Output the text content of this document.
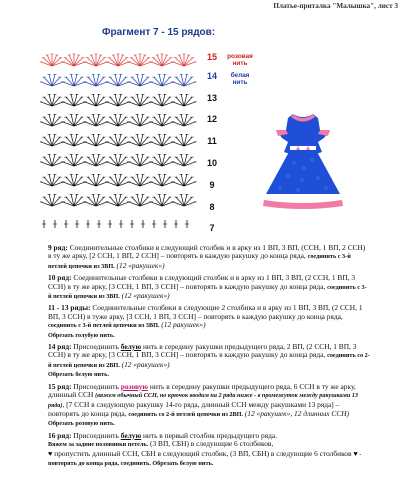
Платье-приталка "Малышка", лист 3
Фрагмент 7 - 15 рядов:
15
14
13
12
11
10
9
8
7
розовая
нить
белая
нить

9 ряд: Соединительные столбики в следующий столбик и в арку из 1 ВП, 3 ВП, (ССН, 1 ВП, 2 ССН) в ту же арку, [2 ССН, 1 ВП, 2 ССН] – повторять в каждую ракушку до конца ряда, соединить с 3-й петлей цепочки из 3ВП. (12 «ракушек»)

10 ряд: Соединительные столбики в следующий столбик и в арку из 1 ВП, 3 ВП, (2 ССН, 1 ВП, 3 ССН) в ту же арку, [3 ССН, 1 ВП, 3 ССН] – повторять в каждую ракушку до конца ряда, соединить с 3-й петлей цепочки из 3ВП. (12 «ракушек»)

11 - 13 ряды: Соединительные столбики в следующие 2 столбика и в арку из 1 ВП, 3 ВП, (2 ССН, 1 ВП, 3 ССН) в туже арку, [3 ССН, 1 ВП, 3 ССН] – повторять в каждую ракушку до конца ряда, соединить с 3-й петлей цепочки из 3ВП. (12 ракушек»)
Обрезать голубую нить.

14 ряд: Присоединить белую нить в середину ракушки предыдущего ряда, 2 ВП, (2 ССН, 1 ВП, 3 ССН) в ту же арку, [3 ССН, 1 ВП, 3 ССН] – повторять в каждую ракушку до конца ряда, соединить со 2-й петлей цепочки из 2ВП. (12 «ракушек»)
Обрезать белую нить.

15 ряд: Присоединить розовую нить в середину ракушки предыдущего ряда, 6 ССН в ту же арку, длинный ССН (вяжем обычный ССН, но крючок вводим на 2 ряда ниже - в промежуток между ракушками 13 ряда), [7 ССН в следующую ракушку 14-го ряда, длинный ССН между ракушками 13 ряда] – повторять до конца ряда, соединить со 2-й петлей цепочки из 2ВП. (12 «ракушек», 12 длинных ССН)
Обрезать розовую нить.

16 ряд: Присоединить белую нить в первый столбик предыдущего ряда.
Вяжем за задние половинки петель. (3 ВП, СБН) в следующие 6 столбиков,
♥ пропустить длинный ССН, СБН в следующий столбик, (3 ВП, СБН) в следующие 6 столбиков ♥ - повторять до конца ряда, соединить. Обрезать белую нить.
